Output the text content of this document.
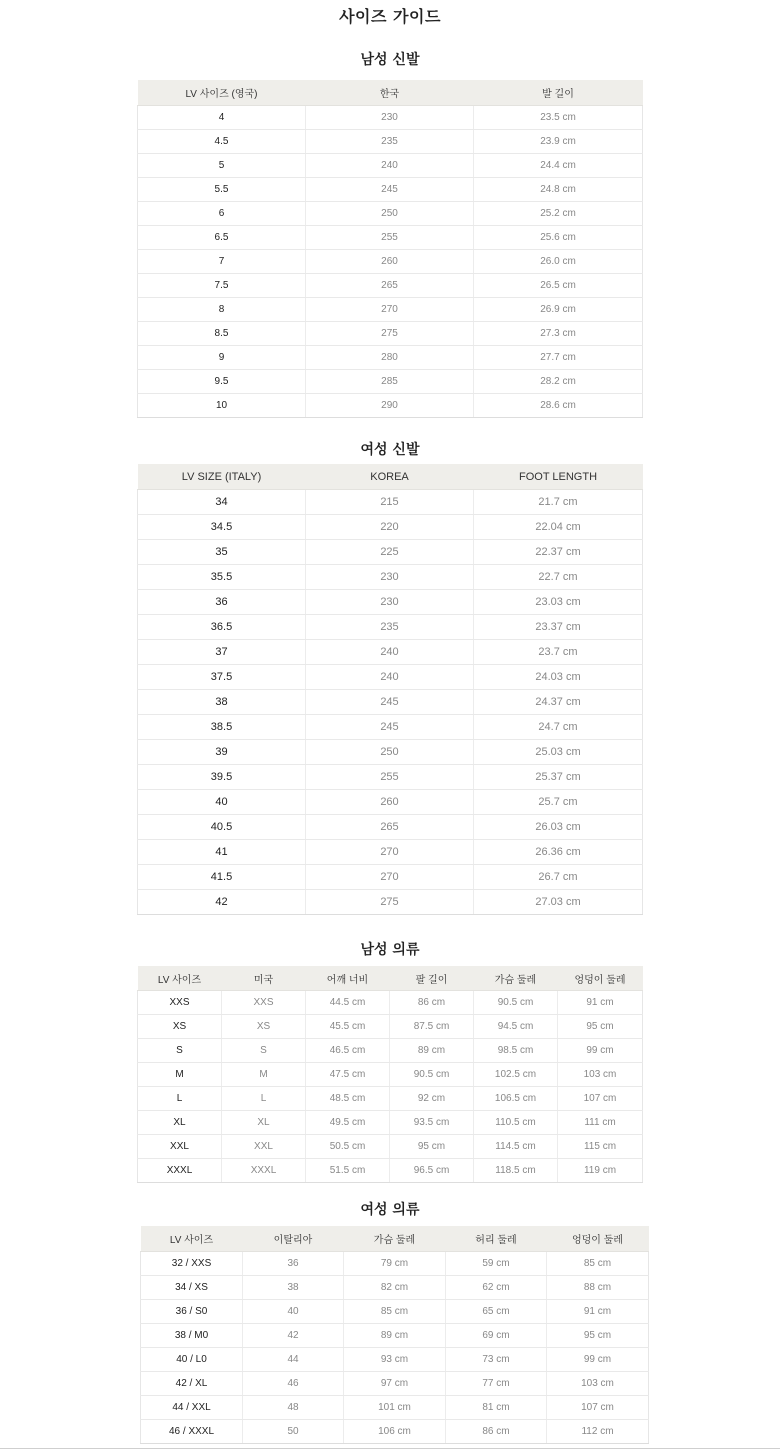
사이즈 가이드
남성 신발
LV 사이즈 (영국)	한국	발 길이
4	230	23.5 cm
4.5	235	23.9 cm
5	240	24.4 cm
5.5	245	24.8 cm
6	250	25.2 cm
6.5	255	25.6 cm
7	260	26.0 cm
7.5	265	26.5 cm
8	270	26.9 cm
8.5	275	27.3 cm
9	280	27.7 cm
9.5	285	28.2 cm
10	290	28.6 cm
여성 신발
LV SIZE (ITALY)	KOREA	FOOT LENGTH
34	215	21.7 cm
34.5	220	22.04 cm
35	225	22.37 cm
35.5	230	22.7 cm
36	230	23.03 cm
36.5	235	23.37 cm
37	240	23.7 cm
37.5	240	24.03 cm
38	245	24.37 cm
38.5	245	24.7 cm
39	250	25.03 cm
39.5	255	25.37 cm
40	260	25.7 cm
40.5	265	26.03 cm
41	270	26.36 cm
41.5	270	26.7 cm
42	275	27.03 cm
남성 의류
LV 사이즈	미국	어깨 너비	팔 길이	가슴 둘레	엉덩이 둘레
XXS	XXS	44.5 cm	86 cm	90.5 cm	91 cm
XS	XS	45.5 cm	87.5 cm	94.5 cm	95 cm
S	S	46.5 cm	89 cm	98.5 cm	99 cm
M	M	47.5 cm	90.5 cm	102.5 cm	103 cm
L	L	48.5 cm	92 cm	106.5 cm	107 cm
XL	XL	49.5 cm	93.5 cm	110.5 cm	111 cm
XXL	XXL	50.5 cm	95 cm	114.5 cm	115 cm
XXXL	XXXL	51.5 cm	96.5 cm	118.5 cm	119 cm
여성 의류
LV 사이즈	이탈리아	가슴 둘레	허리 둘레	엉덩이 둘레
32 / XXS	36	79 cm	59 cm	85 cm
34 / XS	38	82 cm	62 cm	88 cm
36 / S0	40	85 cm	65 cm	91 cm
38 / M0	42	89 cm	69 cm	95 cm
40 / L0	44	93 cm	73 cm	99 cm
42 / XL	46	97 cm	77 cm	103 cm
44 / XXL	48	101 cm	81 cm	107 cm
46 / XXXL	50	106 cm	86 cm	112 cm
